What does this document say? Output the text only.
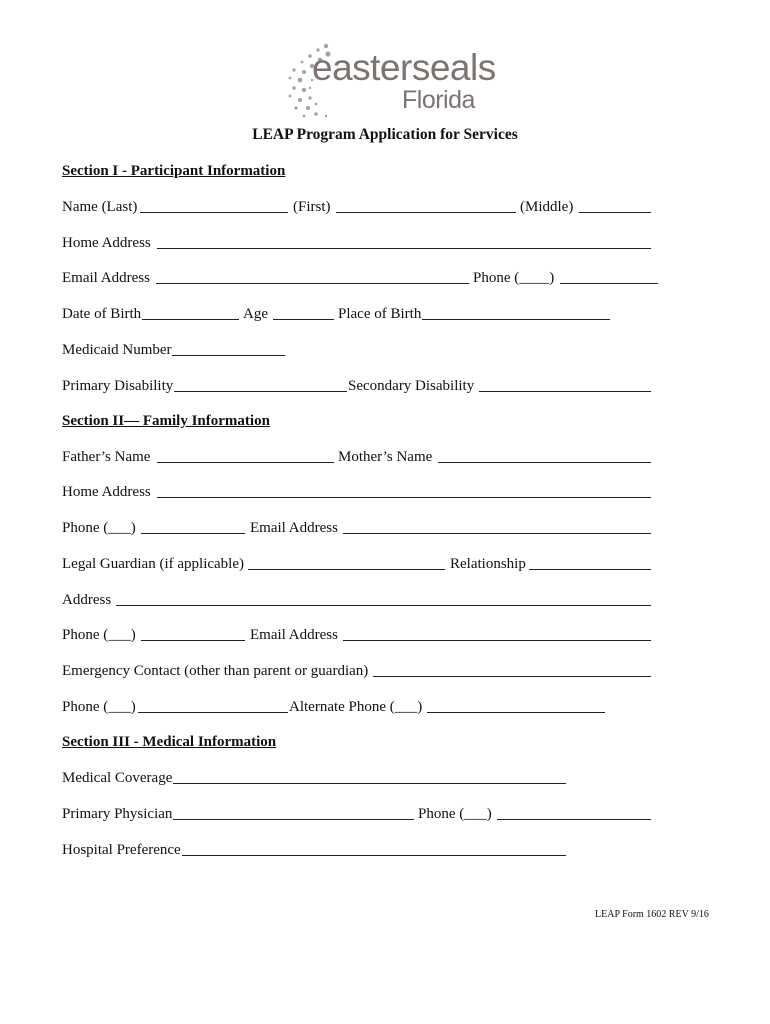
easterseals
Florida
LEAP Program Application for Services
Section I - Participant Information
Name (Last)	(First)	(Middle)
Home Address
Email Address	Phone (____)
Date of Birth	Age	Place of Birth
Medicaid Number
Primary Disability	Secondary Disability
Section II— Family Information
Father’s Name	Mother’s Name
Home Address
Phone (___)	Email Address
Legal Guardian (if applicable)	Relationship
Address
Phone (___)	Email Address
Emergency Contact (other than parent or guardian)
Phone (___)	Alternate Phone (___)
Section III - Medical Information
Medical Coverage
Primary Physician	Phone (___)
Hospital Preference
LEAP Form 1602 REV 9/16
